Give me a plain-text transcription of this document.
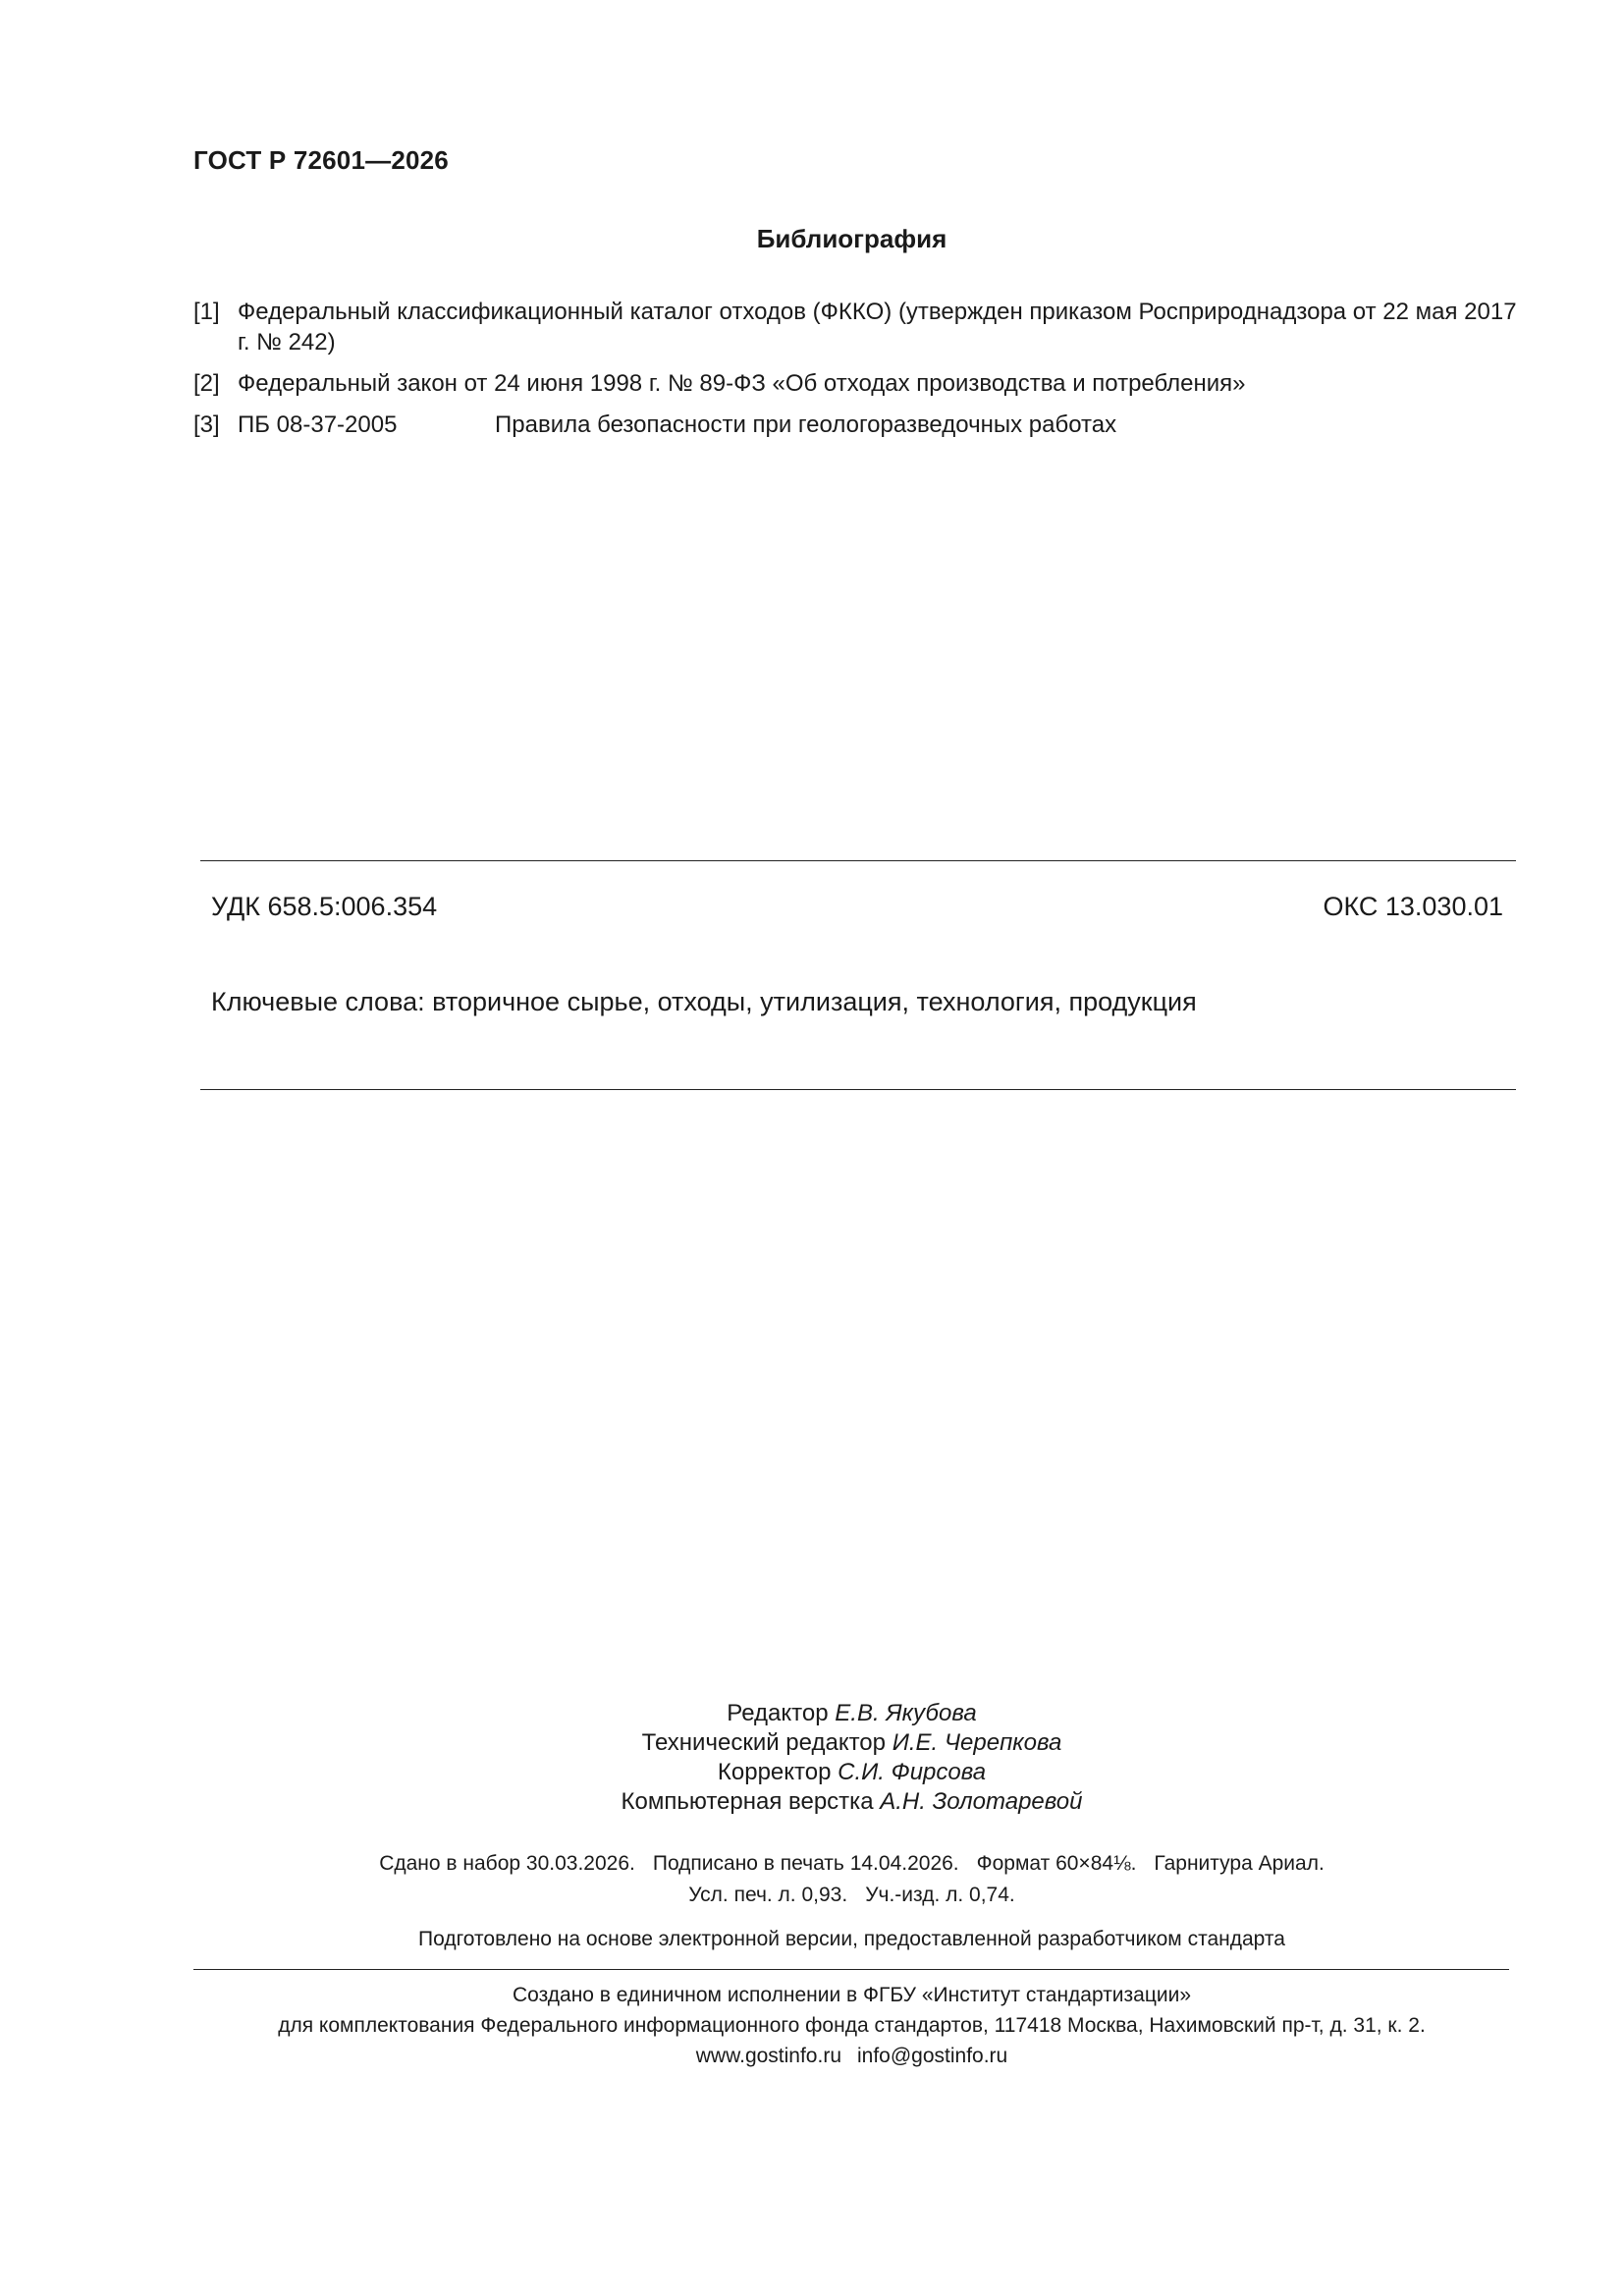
ГОСТ Р 72601—2026
Библиография
[1] Федеральный классификационный каталог отходов (ФККО) (утвержден приказом Росприроднадзора от 22 мая 2017 г. № 242)
[2] Федеральный закон от 24 июня 1998 г. № 89-ФЗ «Об отходах производства и потребления»
[3] ПБ 08-37-2005	Правила безопасности при геологоразведочных работах
УДК 658.5:006.354	ОКС 13.030.01
Ключевые слова: вторичное сырье, отходы, утилизация, технология, продукция
Редактор Е.В. Якубова
Технический редактор И.Е. Черепкова
Корректор С.И. Фирсова
Компьютерная верстка А.Н. Золотаревой
Сдано в набор 30.03.2026. Подписано в печать 14.04.2026. Формат 60×84⅛. Гарнитура Ариал.
Усл. печ. л. 0,93. Уч.-изд. л. 0,74.
Подготовлено на основе электронной версии, предоставленной разработчиком стандарта
Создано в единичном исполнении в ФГБУ «Институт стандартизации»
для комплектования Федерального информационного фонда стандартов, 117418 Москва, Нахимовский пр-т, д. 31, к. 2.
www.gostinfo.ru info@gostinfo.ru
